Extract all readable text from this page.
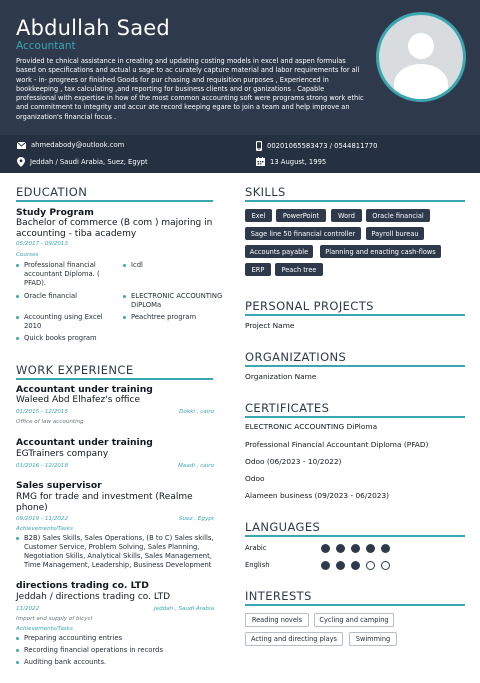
Abdullah Saed
Accountant
Provided te chnical assistance in creating and updating costing models in excel and aspen formulas based on specifications and actual u sage to ac curately capture material and labor requirements for all work - in- progrees or finished Goods for pur chasing and requisition purposes , Experienced in bookkeeping , tax calculating ,and reporting for business clients and or ganizations . Capable professional with expertise in how of the most common accounting soft were programs strong work ethic and commitment to integrity and accur ate record keeping egare to join a team and help improve an organization's financial focus .
ahmedabody@outlook.com	00201065583473 / 0544811770
Jeddah / Saudi Arabia, Suez, Egypt	13 August, 1995
EDUCATION
Study Program
Bachelor of commerce (B com ) majoring in accounting - tiba academy
05/2017 - 09/2013
Courses
Professional financial accountant Diploma. ( PFAD).
Oracle financial
Accounting using Excel 2010
Quick books program
Icdl
ELECTRONIC ACCOUNTING DiPLOMa
Peachtree program
WORK EXPERIENCE
Accountant under training
Waleed Abd Elhafez's office
01/2015 - 12/2015	Dokki , cairo
Office of law accounting
Accountant under training
EGTrainers company
01/2016 - 12/2018	Maadi , cairo
Sales supervisor
RMG for trade and investment (Realme phone)
09/2019 - 11/2022	Suez , Egypt
Achievements/Tasks
B2B) Sales Skills, Sales Operations, (B to C) Sales skills, Customer Service, Problem Solving, Sales Planning, Negotiation Skills, Analytical Skills, Sales Management, Time Management, Leadership, Business Development
directions trading co. LTD
Jeddah / directions trading co. LTD
11/2022	Jeddah , Saudi Arabia
Import and supply of bicycl
Achievements/Tasks
Preparing accounting entries
Recording financial operations in records
Auditing bank accounts.
SKILLS
Exel	PowerPoint	Word	Oracle financial
Sage line 50 financial controller	Payroll bureau
Accounts payable	Planning and enacting cash-flows
ERP	Peach tree
PERSONAL PROJECTS
Project Name
ORGANIZATIONS
Organization Name
CERTIFICATES
ELECTRONIC ACCOUNTING DiPloma
Professional Financial Accountant Diploma (PFAD)
Odoo (06/2023 - 10/2022)
Odoo
Alameen business (09/2023 - 06/2023)
LANGUAGES
Arabic
English
INTERESTS
Reading novels	Cycling and camping
Acting and directing plays	Swimming
